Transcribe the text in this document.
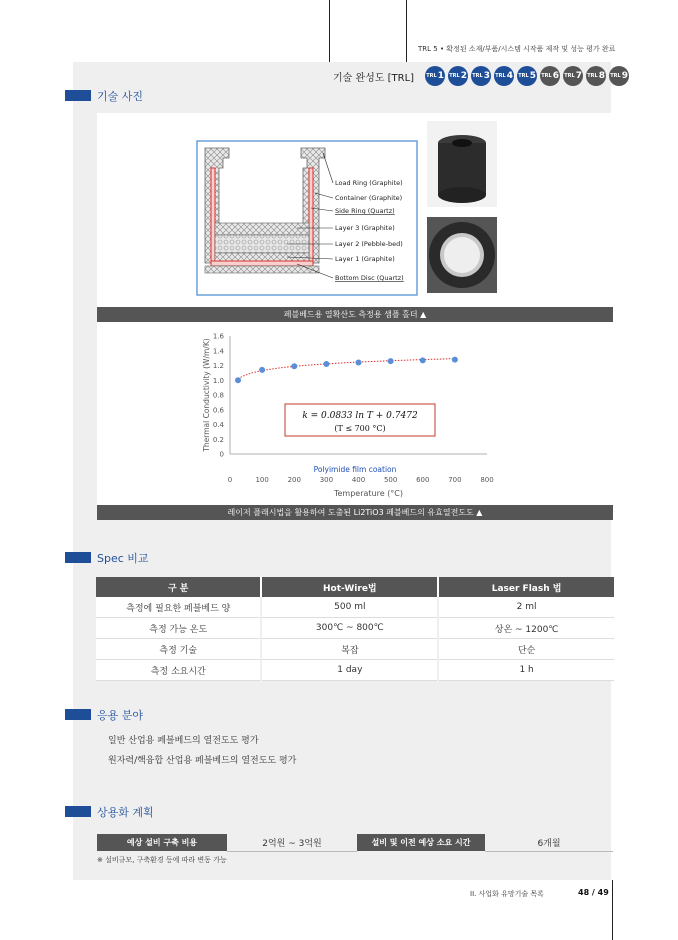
TRL 5 • 확정된 소재/부품/시스템 시작품 제작 및 성능 평가 완료
기술 완성도 [TRL] TRL 1 TRL 2 TRL 3 TRL 4 TRL 5 TRL 6 TRL 7 TRL 8 TRL 9
기술 사진
Load Ring (Graphite)
Container (Graphite)
Side Ring (Quartz)
Layer 3 (Graphite)
Layer 2 (Pebble-bed)
Layer 1 (Graphite)
Bottom Disc (Quartz)
페블베드용 열확산도 측정용 샘플 홀더 ▲
0
0.2
0.4
0.6
0.8
1.0
1.2
1.4
1.6
0	100	200	300	400	500	600	700	800
k = 0.0833 ln T + 0.7472
(T ≤ 700 °C)
Polyimide film coation
Temperature (°C)
Thermal Conductivity (W/m/K)
레이저 플래시법을 활용하여 도출된 Li2TiO3 페블베드의 유효열전도도 ▲
Spec 비교
구 분	Hot-Wire법	Laser Flash 법
측정에 필요한 페블베드 양	500 ml	2 ml
측정 가능 온도	300℃ ~ 800℃	상온 ~ 1200℃
측정 기술	복잡	단순
측정 소요시간	1 day	1 h
응용 분야
일반 산업용 페블베드의 열전도도 평가
원자력/핵융합 산업용 페블베드의 열전도도 평가
상용화 계획
예상 설비 구축 비용	2억원 ~ 3억원	설비 및 이전 예상 소요 시간	6개월
※ 설비규모, 구축환경 등에 따라 변동 가능
II. 사업화 유망기술 목록	48 / 49
